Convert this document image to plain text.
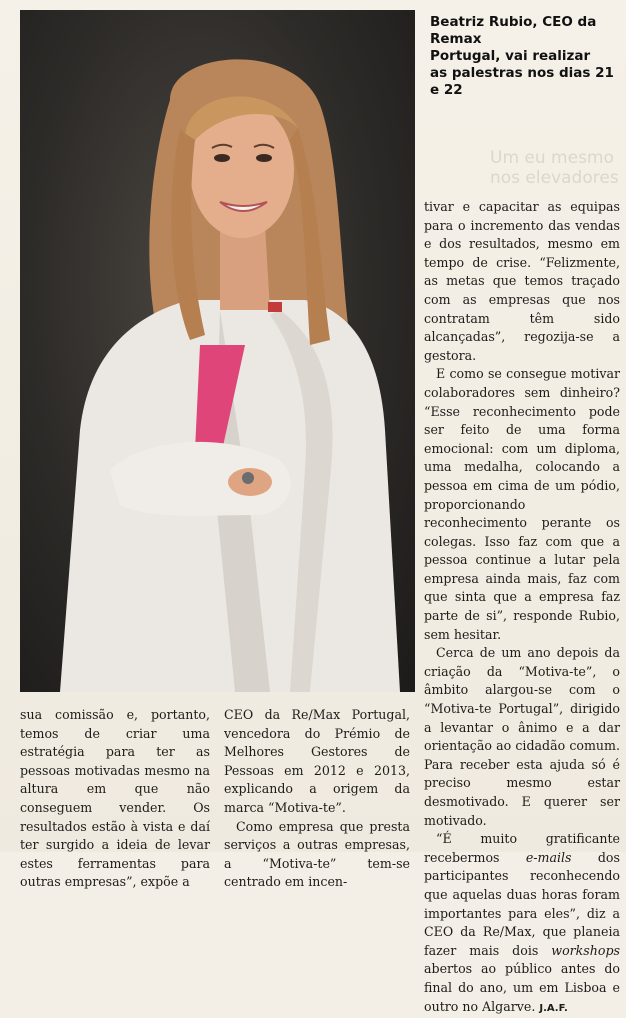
Beatriz Rubio, CEO da Remax
Portugal, vai realizar
as palestras nos dias 21 e 22
Um eu mesmo
nos elevadores

tivar e capacitar as equipas para o incremento das vendas e dos resultados, mesmo em tempo de crise. “Felizmente, as metas que temos traçado com as empresas que nos contratam têm sido alcançadas”, regozija-se a gestora.

E como se consegue motivar colaboradores sem dinheiro? “Esse reconhecimento pode ser feito de uma forma emocional: com um diploma, uma medalha, colocando a pessoa em cima de um pódio, proporcionando reconhecimento perante os colegas. Isso faz com que a pessoa continue a lutar pela empresa ainda mais, faz com que sinta que a empresa faz parte de si”, responde Rubio, sem hesitar.

Cerca de um ano depois da criação da “Motiva-te”, o âmbito alargou-se com o “Motiva-te Portugal”, dirigido a levantar o ânimo e a dar orientação ao cidadão comum. Para receber esta ajuda só é preciso mesmo estar desmotivado. E querer ser motivado.

“É muito gratificante recebermos e-mails dos participantes reconhecendo que aquelas duas horas foram importantes para eles”, diz a CEO da Re/Max, que planeia fazer mais dois workshops abertos ao público antes do final do ano, um em Lisboa e outro no Algarve. J.A.F.

sua comissão e, portanto, temos de criar uma estratégia para ter as pessoas motivadas mesmo na altura em que não conseguem vender. Os resultados estão à vista e daí ter surgido a ideia de levar estes ferramentas para outras empresas”, expõe a

CEO da Re/Max Portugal, vencedora do Prémio de Melhores Gestores de Pessoas em 2012 e 2013, explicando a origem da marca “Motiva-te”.

Como empresa que presta serviços a outras empresas, a “Motiva-te” tem-se centrado em incen-
